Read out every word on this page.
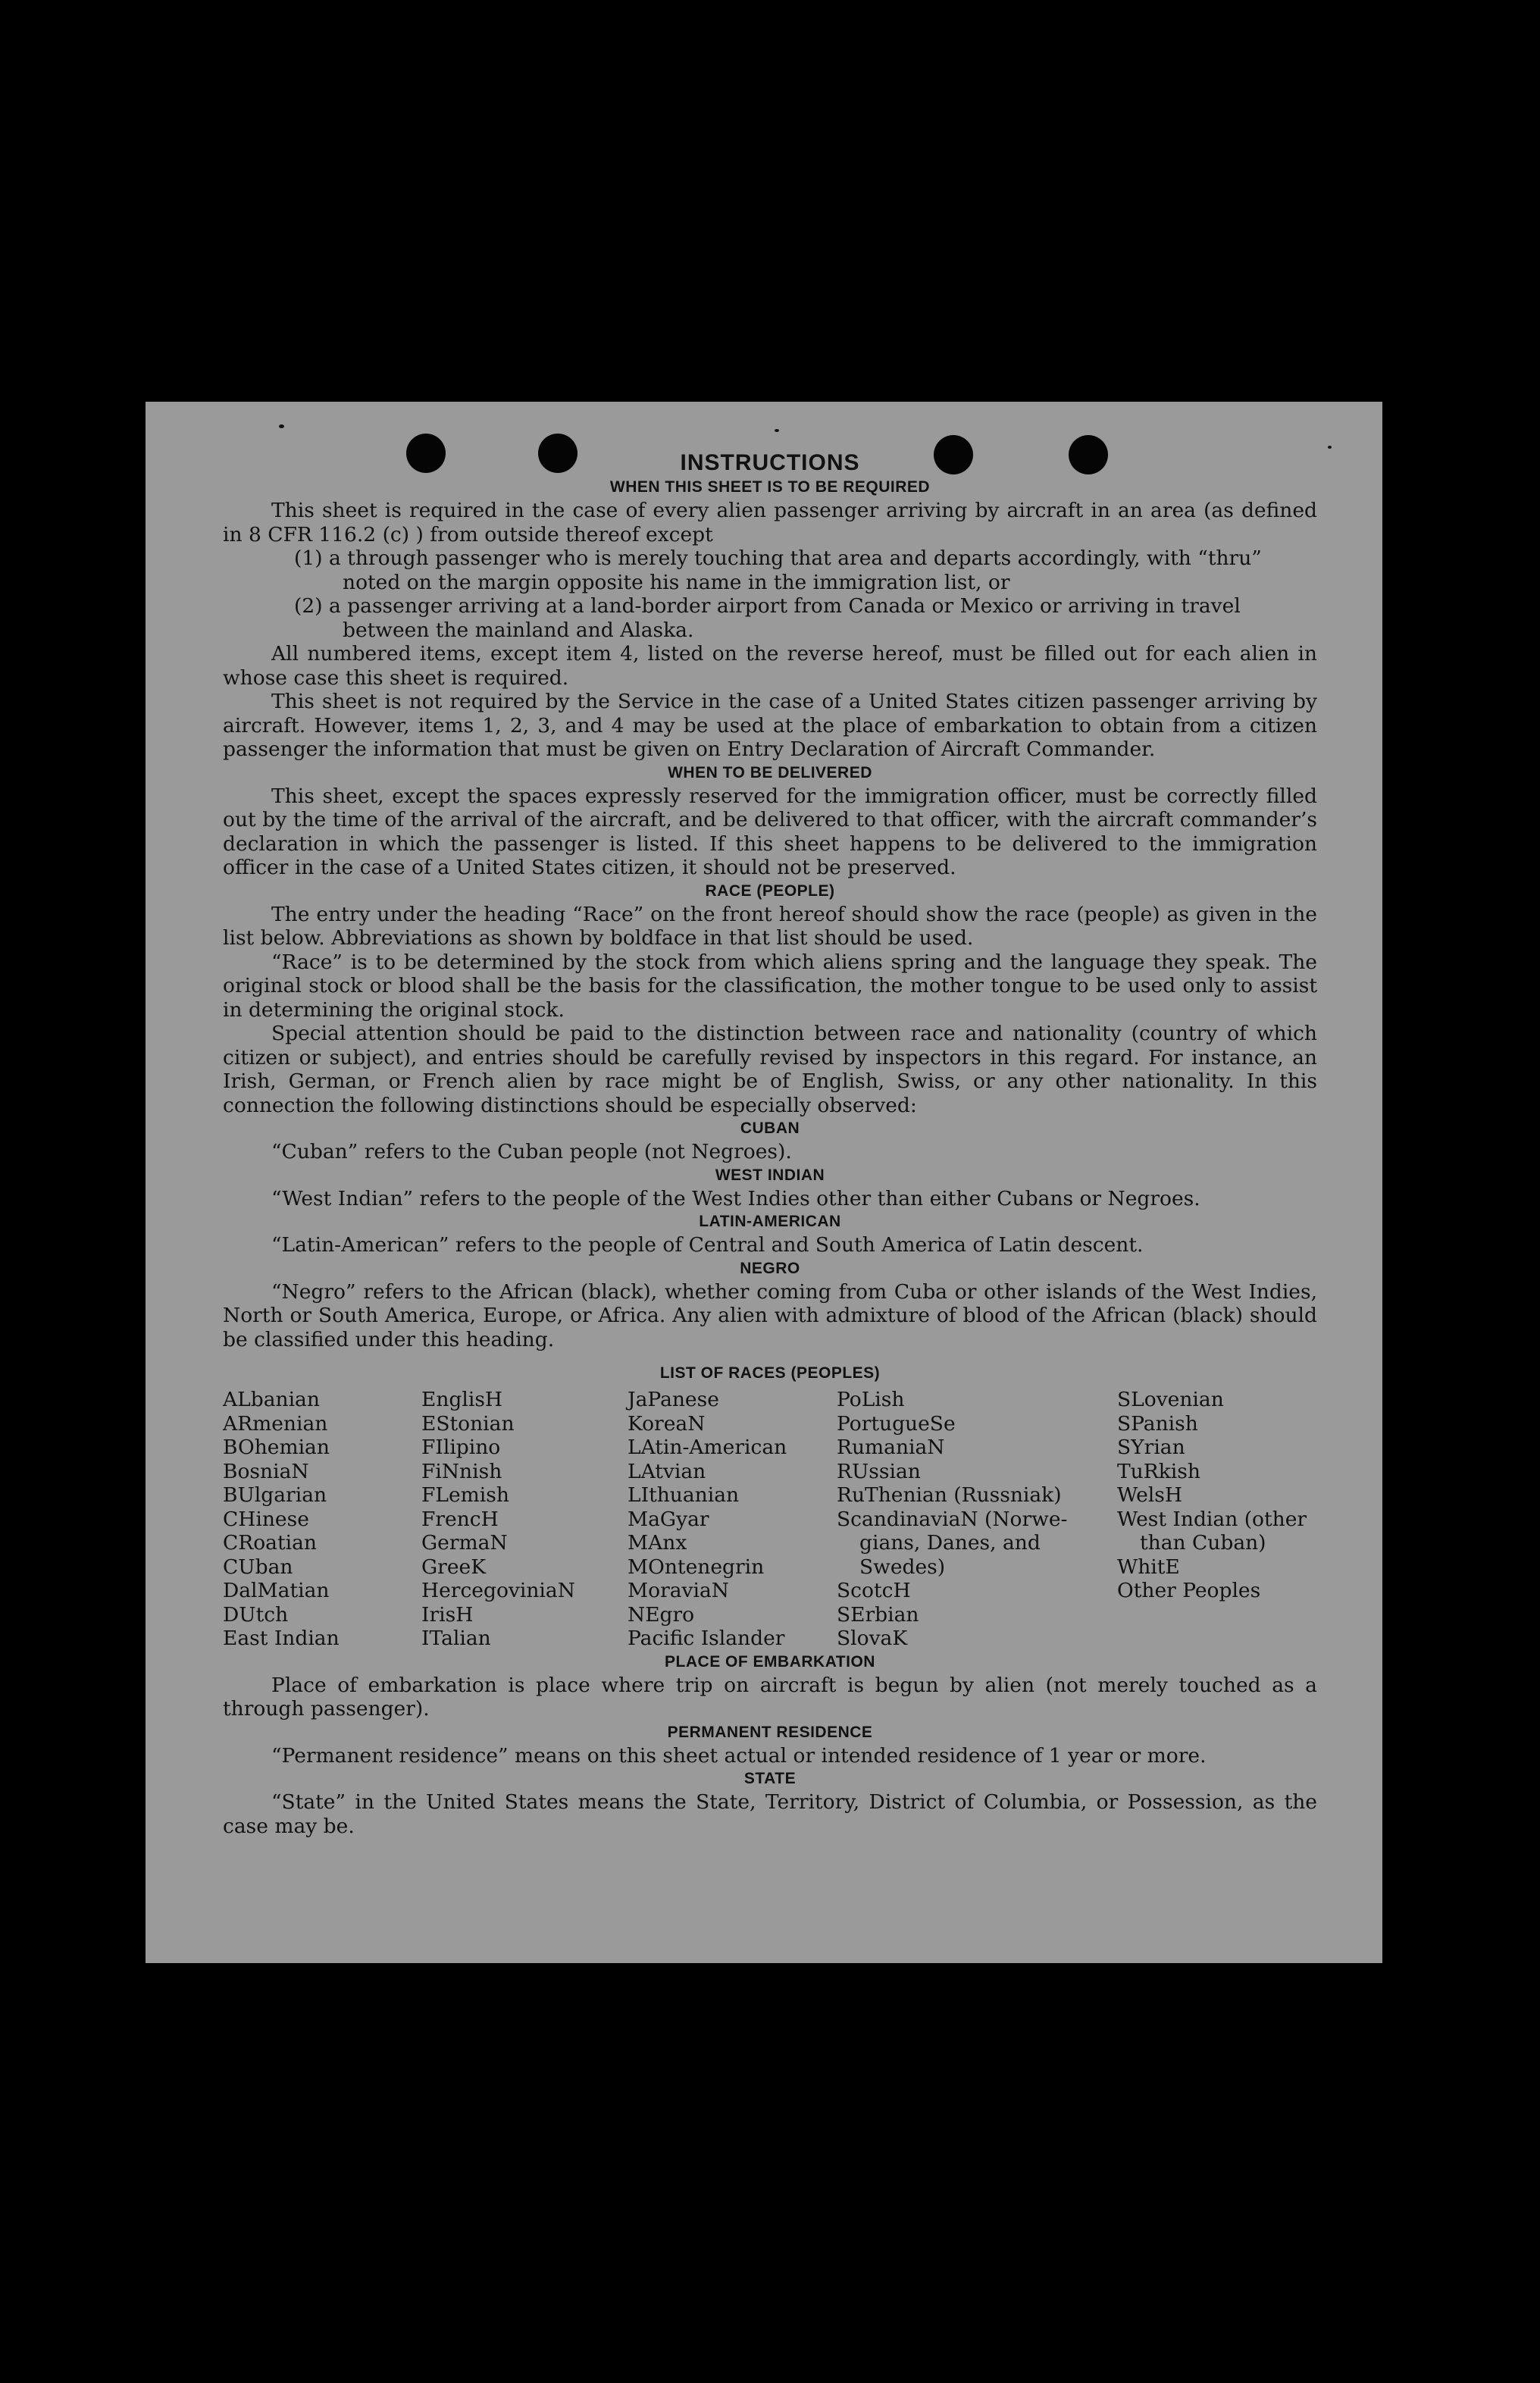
INSTRUCTIONS
WHEN THIS SHEET IS TO BE REQUIRED

This sheet is required in the case of every alien passenger arriving by aircraft in an area (as defined in 8 CFR 116.2 (c) ) from outside thereof except

(1) a through passenger who is merely touching that area and departs accordingly, with “thru” noted on the margin opposite his name in the immigration list, or

(2) a passenger arriving at a land-border airport from Canada or Mexico or arriving in travel between the mainland and Alaska.

All numbered items, except item 4, listed on the reverse hereof, must be filled out for each alien in whose case this sheet is required.

This sheet is not required by the Service in the case of a United States citizen passenger arriving by aircraft. However, items 1, 2, 3, and 4 may be used at the place of embarkation to obtain from a citizen passenger the information that must be given on Entry Declaration of Aircraft Commander.

WHEN TO BE DELIVERED

This sheet, except the spaces expressly reserved for the immigration officer, must be correctly filled out by the time of the arrival of the aircraft, and be delivered to that officer, with the aircraft commander’s declaration in which the passenger is listed. If this sheet happens to be delivered to the immigration officer in the case of a United States citizen, it should not be preserved.

RACE (PEOPLE)

The entry under the heading “Race” on the front hereof should show the race (people) as given in the list below. Abbreviations as shown by boldface in that list should be used.

“Race” is to be determined by the stock from which aliens spring and the language they speak. The original stock or blood shall be the basis for the classification, the mother tongue to be used only to assist in determining the original stock.

Special attention should be paid to the distinction between race and nationality (country of which citizen or subject), and entries should be carefully revised by inspectors in this regard. For instance, an Irish, German, or French alien by race might be of English, Swiss, or any other nationality. In this connection the following distinctions should be especially observed:

CUBAN

“Cuban” refers to the Cuban people (not Negroes).

WEST INDIAN

“West Indian” refers to the people of the West Indies other than either Cubans or Negroes.

LATIN-AMERICAN

“Latin-American” refers to the people of Central and South America of Latin descent.

NEGRO

“Negro” refers to the African (black), whether coming from Cuba or other islands of the West Indies, North or South America, Europe, or Africa. Any alien with admixture of blood of the African (black) should be classified under this heading.

LIST OF RACES (PEOPLES)
ALbanian
ARmenian
BOhemian
BosniaN
BUlgarian
CHinese
CRoatian
CUban
DalMatian
DUtch
East Indian
EnglisH
EStonian
FIlipino
FiNnish
FLemish
FrencH
GermaN
GreeK
HercegoviniaN
IrisH
ITalian
JaPanese
KoreaN
LAtin-American
LAtvian
LIthuanian
MaGyar
MAnx
MOntenegrin
MoraviaN
NEgro
Pacific Islander
PoLish
PortugueSe
RumaniaN
RUssian
RuThenian (Russniak)
ScandinaviaN (Norwe-
gians, Danes, and
Swedes)
ScotcH
SErbian
SlovaK
SLovenian
SPanish
SYrian
TuRkish
WelsH
West Indian (other
than Cuban)
WhitE
Other Peoples
PLACE OF EMBARKATION

Place of embarkation is place where trip on aircraft is begun by alien (not merely touched as a through passenger).

PERMANENT RESIDENCE

“Permanent residence” means on this sheet actual or intended residence of 1 year or more.

STATE

“State” in the United States means the State, Territory, District of Columbia, or Possession, as the case may be.
